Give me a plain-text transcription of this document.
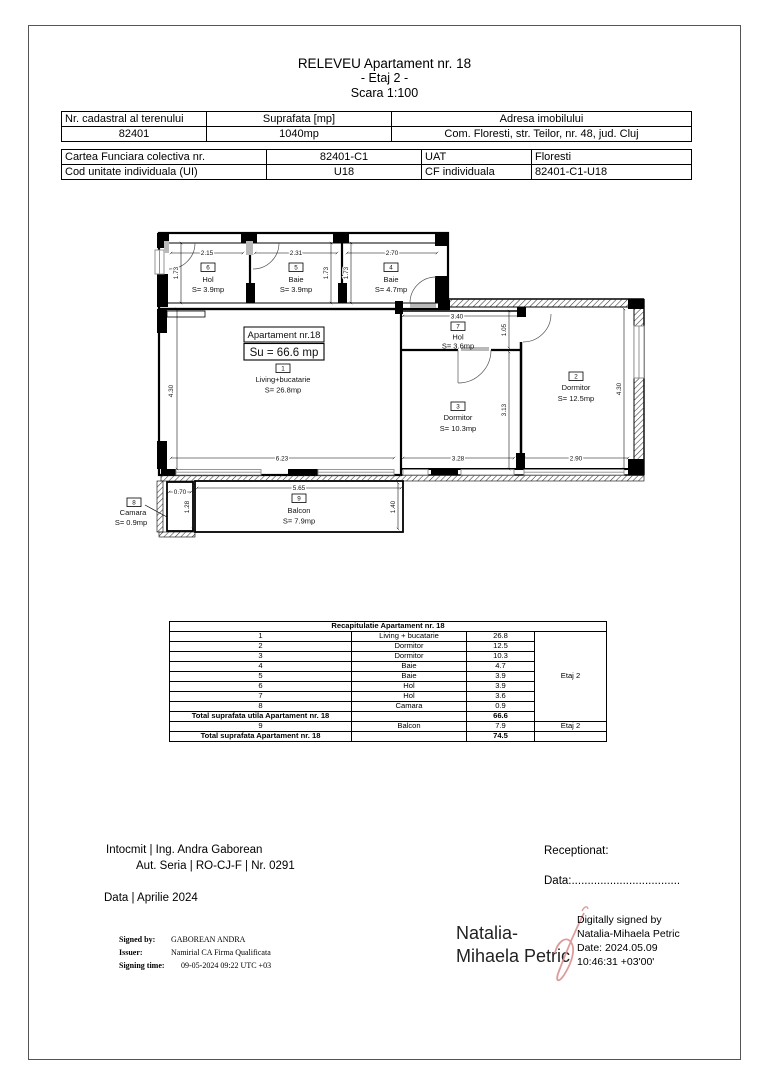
RELEVEU Apartament nr. 18
- Etaj 2 -
Scara 1:100
Nr. cadastral al terenului	Suprafata [mp]	Adresa imobilului
82401	1040mp	Com. Floresti, str. Teilor, nr. 48, jud. Cluj
Cartea Funciara colectiva nr.	82401-C1	UAT	Floresti
Cod unitate individuala (UI)	U18	CF individuala	82401-C1-U18
2.15	2.31	2.70
1.73	1.73 1.73
4.30
6.23	3.28	2.90
3.40
1.05
3.13
4.30
0.70
1.28
5.65
1.40
Apartament nr.18
Su = 66.6 mp
6	5	4
1
7
3
2
8
9
Hol
S= 3.9mp
Baie
S= 3.9mp
Baie
S= 4.7mp
Living+bucatarie
S= 26.8mp
Hol
S= 3.6mp
Dormitor
S= 10.3mp
Dormitor
S= 12.5mp
Camara
S= 0.9mp
Balcon
S= 7.9mp
Recapitulatie Apartament nr. 18			
1	Living + bucatarie	26.8	Etaj 2
2	Dormitor	12.5	
3	Dormitor	10.3	
4	Baie	4.7	
5	Baie	3.9	
6	Hol	3.9	
7	Hol	3.6	
8	Camara	0.9	
Total suprafata utila Apartament nr. 18		66.6	
9	Balcon	7.9	Etaj 2
Total suprafata Apartament nr. 18		74.5	
Intocmit | Ing. Andra Gaborean
Aut. Seria | RO-CJ-F | Nr. 0291
Data | Aprilie 2024
Receptionat:
Data:..................................
Signed by:	GABOREAN ANDRA
Issuer:	Namirial CA Firma Qualificata
Signing time:	09-05-2024 09:22 UTC +03
Natalia-
Mihaela Petric
Digitally signed by
Natalia-Mihaela Petric
Date: 2024.05.09
10:46:31 +03'00'
